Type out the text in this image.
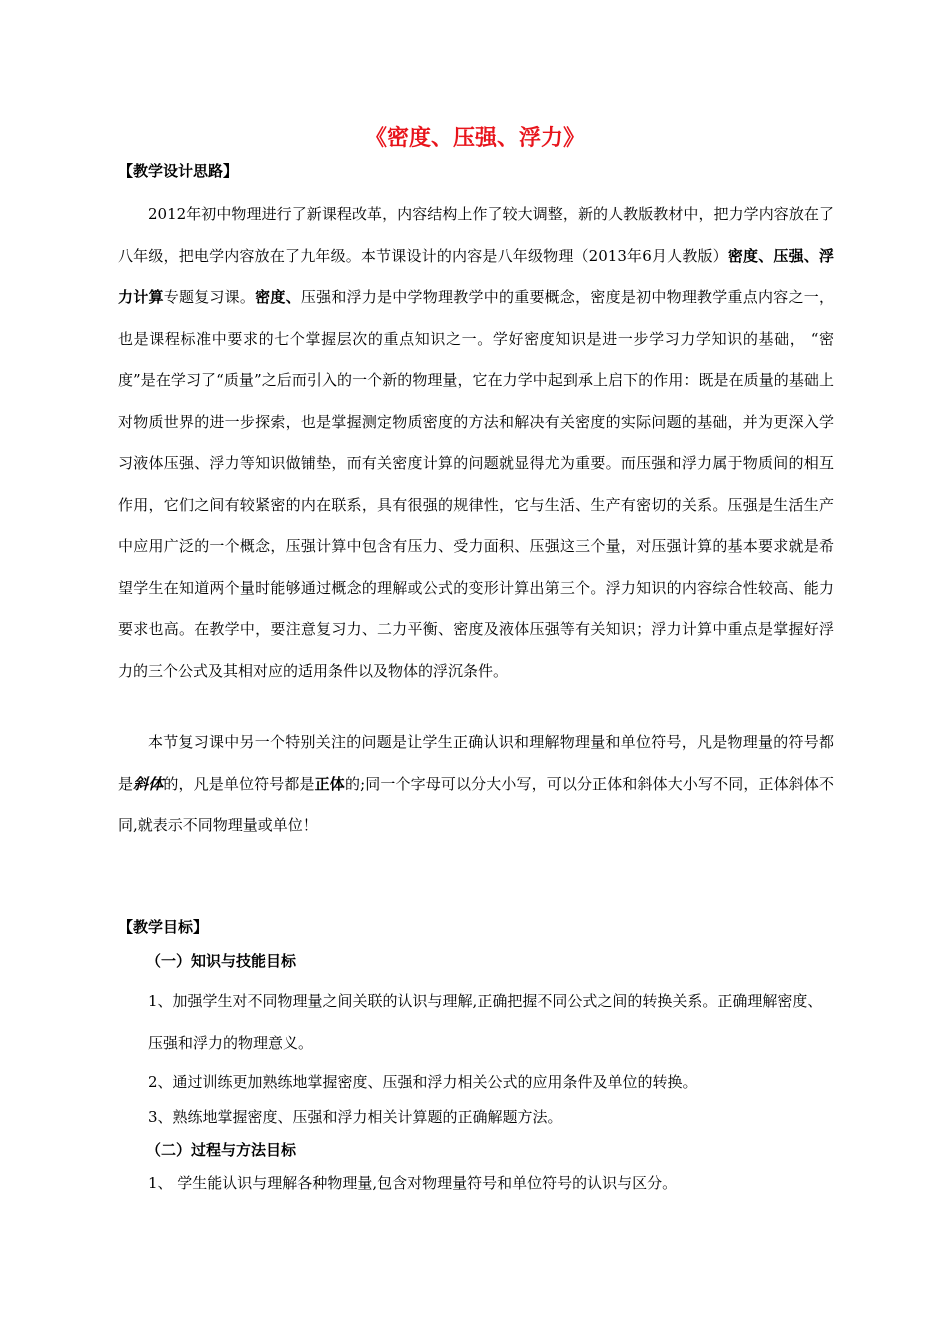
《密度、压强、浮力》
【教学设计思路】

2012年初中物理进行了新课程改革，内容结构上作了较大调整，新的人教版教材中，把力学内容放在了八年级，把电学内容放在了九年级。本节课设计的内容是八年级物理（2013年6月人教版）密度、压强、浮力计算专题复习课。密度、压强和浮力是中学物理教学中的重要概念，密度是初中物理教学重点内容之一，也是课程标准中要求的七个掌握层次的重点知识之一。学好密度知识是进一步学习力学知识的基础， “密度”是在学习了“质量”之后而引入的一个新的物理量，它在力学中起到承上启下的作用：既是在质量的基础上对物质世界的进一步探索，也是掌握测定物质密度的方法和解决有关密度的实际问题的基础，并为更深入学习液体压强、浮力等知识做铺垫，而有关密度计算的问题就显得尤为重要。而压强和浮力属于物质间的相互作用，它们之间有较紧密的内在联系，具有很强的规律性，它与生活、生产有密切的关系。压强是生活生产中应用广泛的一个概念，压强计算中包含有压力、受力面积、压强这三个量，对压强计算的基本要求就是希望学生在知道两个量时能够通过概念的理解或公式的变形计算出第三个。浮力知识的内容综合性较高、能力要求也高。在教学中，要注意复习力、二力平衡、密度及液体压强等有关知识；浮力计算中重点是掌握好浮力的三个公式及其相对应的适用条件以及物体的浮沉条件。

本节复习课中另一个特别关注的问题是让学生正确认识和理解物理量和单位符号，凡是物理量的符号都是斜体的，凡是单位符号都是正体的;同一个字母可以分大小写，可以分正体和斜体大小写不同，正体斜体不同,就表示不同物理量或单位！

【教学目标】
（一）知识与技能目标

1、加强学生对不同物理量之间关联的认识与理解,正确把握不同公式之间的转换关系。正确理解密度、压强和浮力的物理意义。

2、通过训练更加熟练地掌握密度、压强和浮力相关公式的应用条件及单位的转换。

3、熟练地掌握密度、压强和浮力相关计算题的正确解题方法。

（二）过程与方法目标

1、 学生能认识与理解各种物理量,包含对物理量符号和单位符号的认识与区分。
